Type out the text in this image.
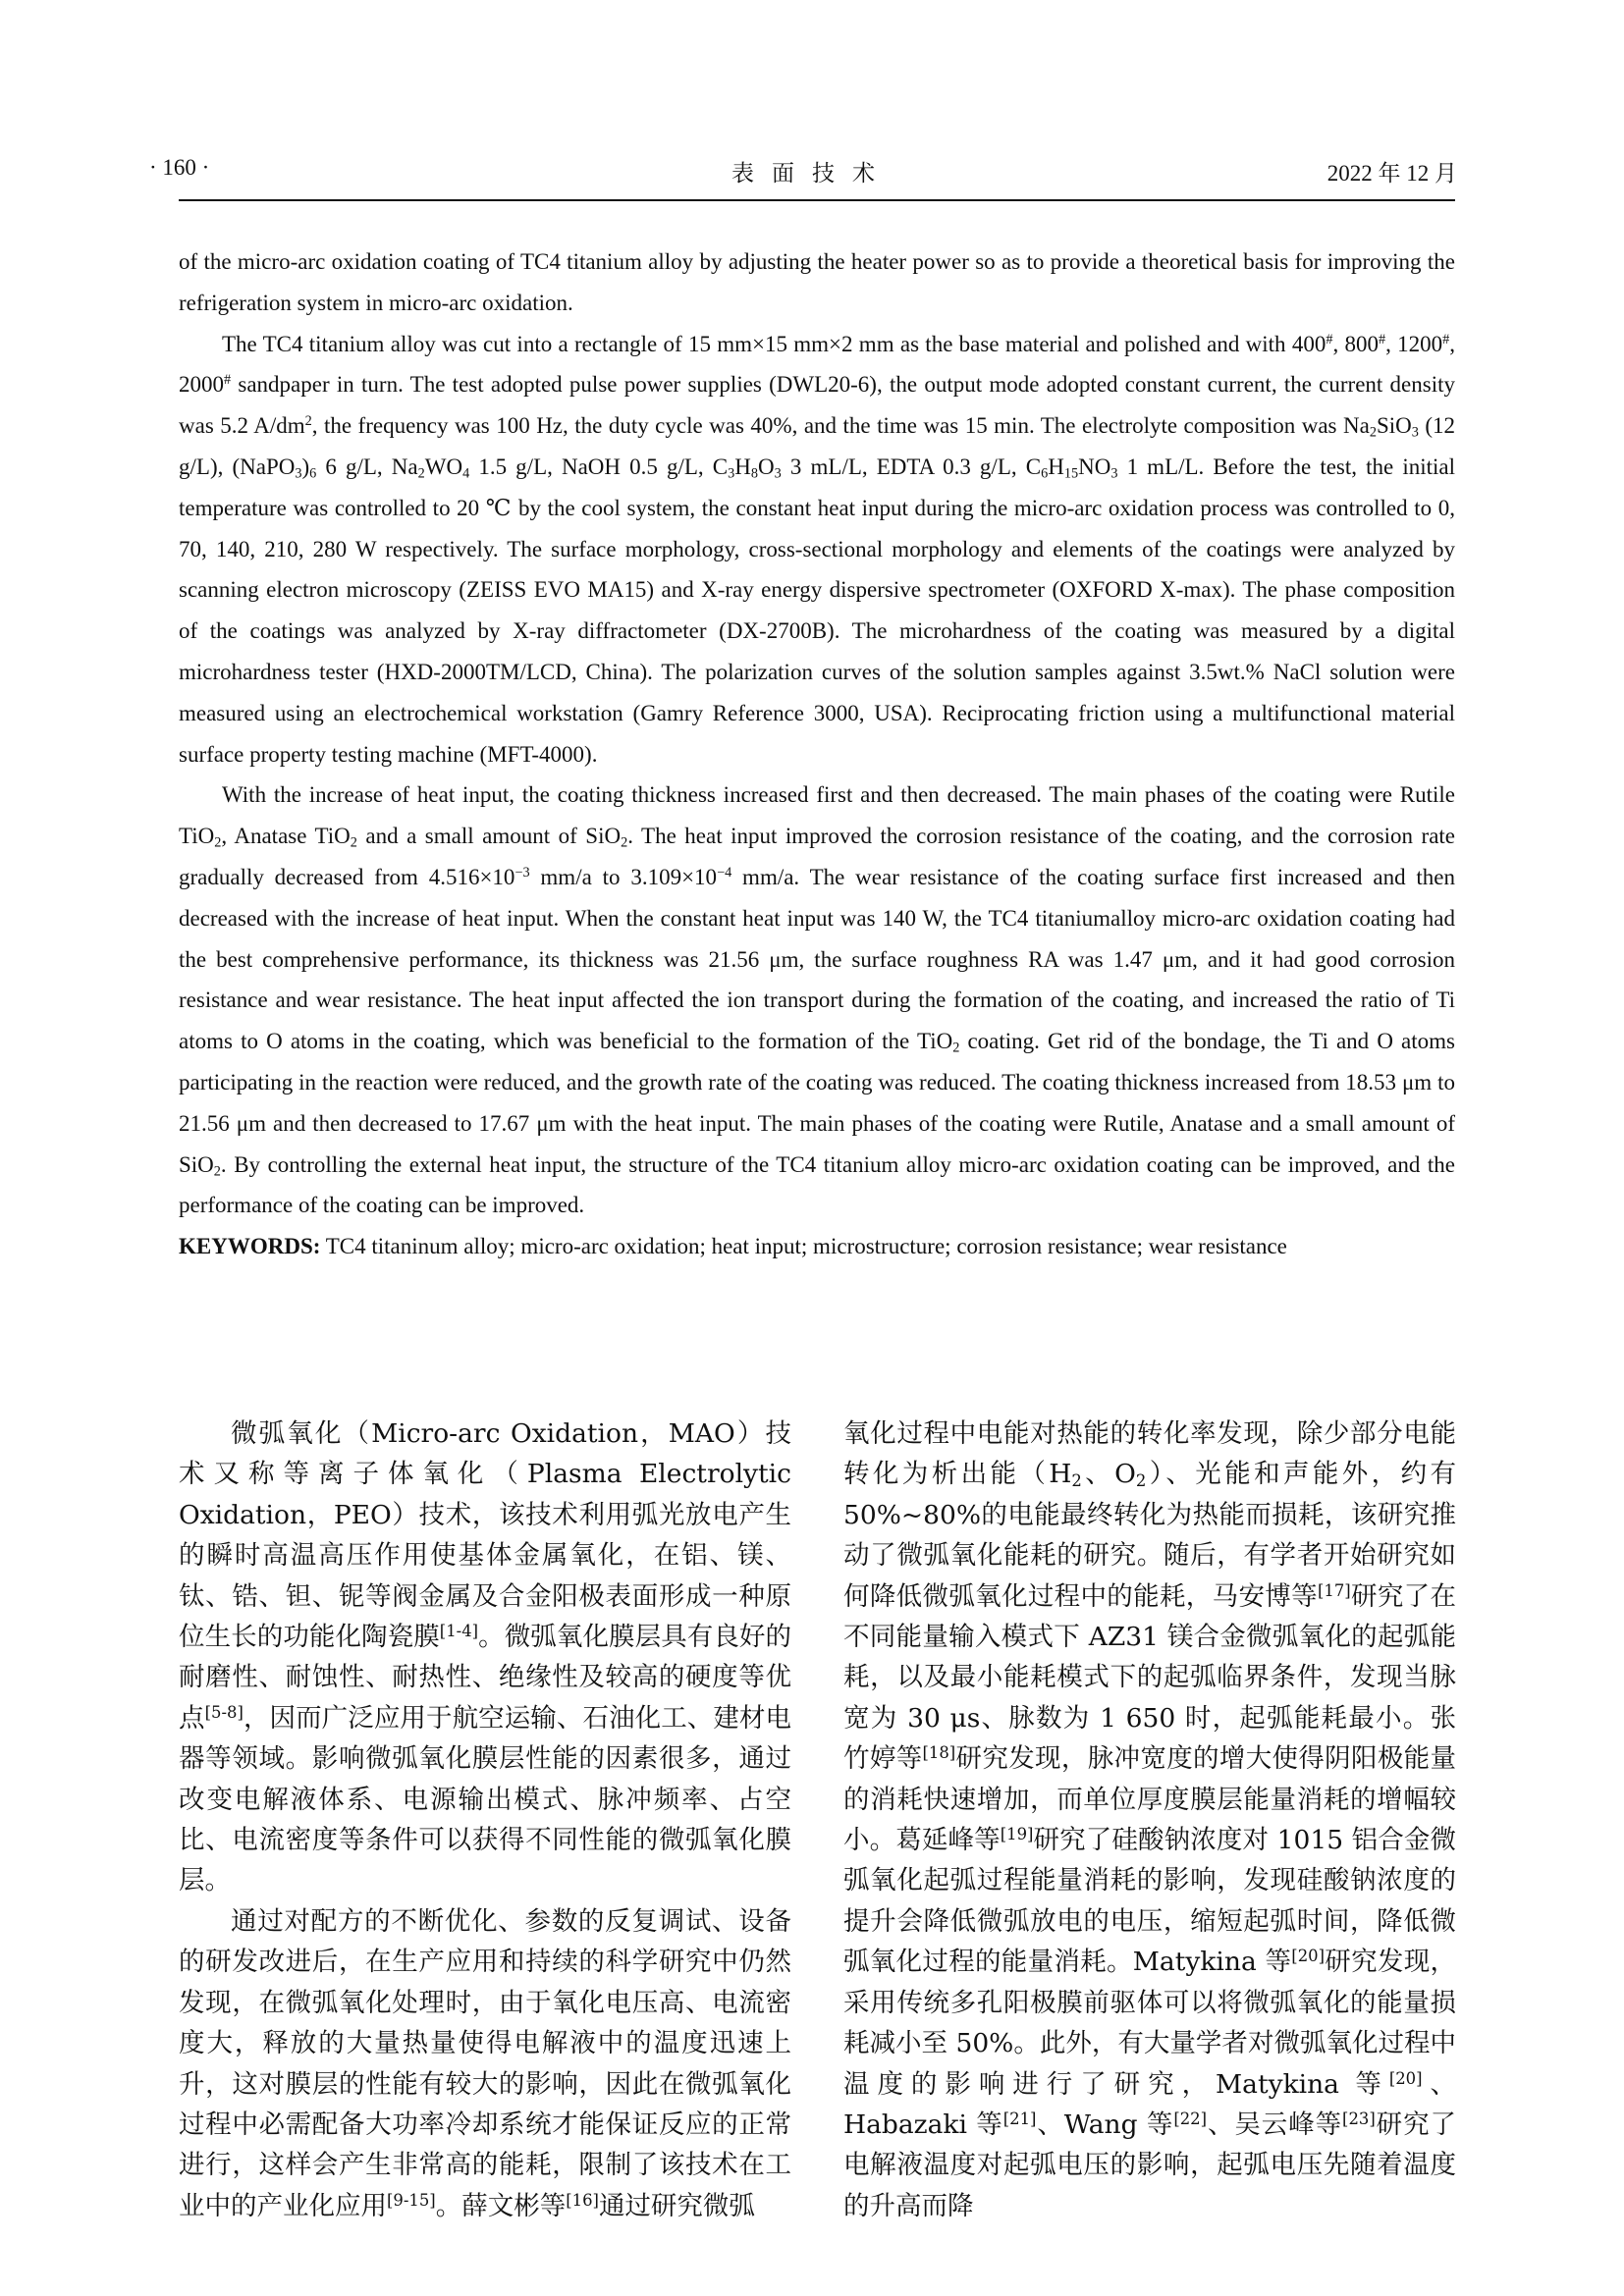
· 160 ·	表面技术	2022 年 12 月

of the micro-arc oxidation coating of TC4 titanium alloy by adjusting the heater power so as to provide a theoretical basis for improving the refrigeration system in micro-arc oxidation.

The TC4 titanium alloy was cut into a rectangle of 15 mm×15 mm×2 mm as the base material and polished and with 400#, 800#, 1200#, 2000# sandpaper in turn. The test adopted pulse power supplies (DWL20-6), the output mode adopted constant current, the current density was 5.2 $A/dm^2$, the frequency was 100 Hz, the duty cycle was 40%, and the time was 15 min. The electrolyte composition was $Na_2SiO_3$ (12 g/L), $(NaPO_3)_6$ 6 g/L, $Na_2WO_4$ 1.5 g/L, NaOH 0.5 g/L, $C_3H_8O_3$ 3 mL/L, EDTA 0.3 g/L, $C_6H_{15}NO_3$ 1 mL/L. Before the test, the initial temperature was controlled to 20 ℃ by the cool system, the constant heat input during the micro-arc oxidation process was controlled to 0, 70, 140, 210, 280 W respectively. The surface morphology, cross-sectional morphology and elements of the coatings were analyzed by scanning electron microscopy (ZEISS EVO MA15) and X-ray energy dispersive spectrometer (OXFORD X-max). The phase composition of the coatings was analyzed by X-ray diffractometer (DX-2700B). The microhardness of the coating was measured by a digital microhardness tester (HXD-2000TM/LCD, China). The polarization curves of the solution samples against 3.5wt.% NaCl solution were measured using an electrochemical workstation (Gamry Reference 3000, USA). Reciprocating friction using a multifunctional material surface property testing machine (MFT-4000).

With the increase of heat input, the coating thickness increased first and then decreased. The main phases of the coating were Rutile TiO$_2$, Anatase TiO$_2$ and a small amount of SiO$_2$. The heat input improved the corrosion resistance of the coating, and the corrosion rate gradually decreased from $4.516\times 10^{-3}$ mm/a to $3.109\times 10^{-4}$ mm/a. The wear resistance of the coating surface first increased and then decreased with the increase of heat input. When the constant heat input was 140 W, the TC4 titaniumalloy micro-arc oxidation coating had the best comprehensive performance, its thickness was 21.56 μm, the surface roughness RA was 1.47 μm, and it had good corrosion resistance and wear resistance. The heat input affected the ion transport during the formation of the coating, and increased the ratio of Ti atoms to O atoms in the coating, which was beneficial to the formation of the TiO$_2$ coating. Get rid of the bondage, the Ti and O atoms participating in the reaction were reduced, and the growth rate of the coating was reduced. The coating thickness increased from 18.53 μm to 21.56 μm and then decreased to 17.67 μm with the heat input. The main phases of the coating were Rutile, Anatase and a small amount of SiO$_2$. By controlling the external heat input, the structure of the TC4 titanium alloy micro-arc oxidation coating can be improved, and the performance of the coating can be improved.

KEYWORDS: TC4 titaninum alloy; micro-arc oxidation; heat input; microstructure; corrosion resistance; wear resistance

微弧氧化（Micro-arc Oxidation，MAO）技术又称等离子体氧化（Plasma Electrolytic Oxidation，PEO）技术，该技术利用弧光放电产生的瞬时高温高压作用使基体金属氧化，在铝、镁、钛、锆、钽、铌等阀金属及合金阳极表面形成一种原位生长的功能化陶瓷膜[1-4]。微弧氧化膜层具有良好的耐磨性、耐蚀性、耐热性、绝缘性及较高的硬度等优点[5-8]，因而广泛应用于航空运输、石油化工、建材电器等领域。影响微弧氧化膜层性能的因素很多，通过改变电解液体系、电源输出模式、脉冲频率、占空比、电流密度等条件可以获得不同性能的微弧氧化膜层。

通过对配方的不断优化、参数的反复调试、设备的研发改进后，在生产应用和持续的科学研究中仍然发现，在微弧氧化处理时，由于氧化电压高、电流密度大，释放的大量热量使得电解液中的温度迅速上升，这对膜层的性能有较大的影响，因此在微弧氧化过程中必需配备大功率冷却系统才能保证反应的正常进行，这样会产生非常高的能耗，限制了该技术在工业中的产业化应用[9-15]。薛文彬等[16]通过研究微弧

氧化过程中电能对热能的转化率发现，除少部分电能转化为析出能（$H_2$、$O_2$）、光能和声能外，约有50%~80%的电能最终转化为热能而损耗，该研究推动了微弧氧化能耗的研究。随后，有学者开始研究如何降低微弧氧化过程中的能耗，马安博等[17]研究了在不同能量输入模式下 AZ31 镁合金微弧氧化的起弧能耗，以及最小能耗模式下的起弧临界条件，发现当脉宽为 30 μs、脉数为 1 650 时，起弧能耗最小。张竹婷等[18]研究发现，脉冲宽度的增大使得阴阳极能量的消耗快速增加，而单位厚度膜层能量消耗的增幅较小。葛延峰等[19]研究了硅酸钠浓度对 1015 铝合金微弧氧化起弧过程能量消耗的影响，发现硅酸钠浓度的提升会降低微弧放电的电压，缩短起弧时间，降低微弧氧化过程的能量消耗。Matykina 等[20]研究发现，采用传统多孔阳极膜前驱体可以将微弧氧化的能量损耗减小至 50%。此外，有大量学者对微弧氧化过程中温度的影响进行了研究，Matykina 等[20]、Habazaki 等[21]、Wang 等[22]、吴云峰等[23]研究了电解液温度对起弧电压的影响，起弧电压先随着温度的升高而降
